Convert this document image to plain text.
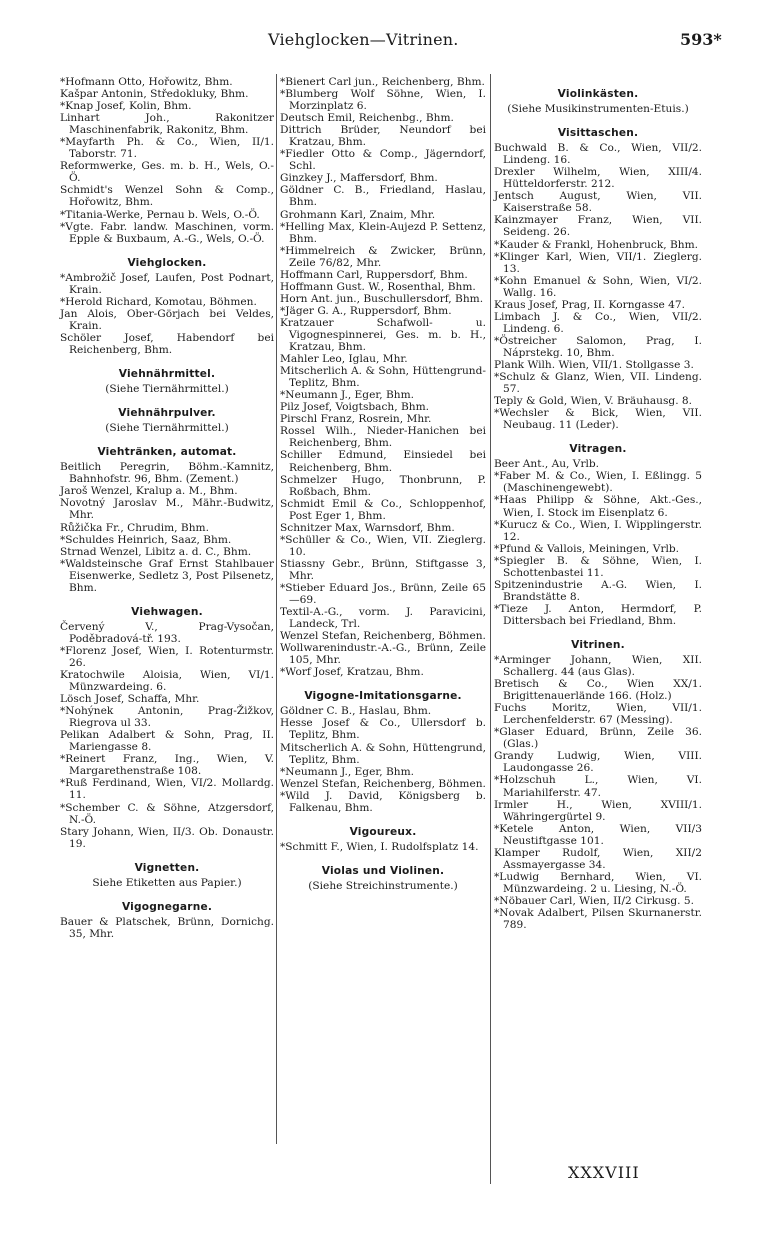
Viehglocken—Vitrinen.	593*
*Hofmann Otto, Hořowitz, Bhm.
Kašpar Antonin, Středokluky, Bhm.
*Knap Josef, Kolin, Bhm.
Linhart Joh., Rakonitzer Maschinenfabrik, Rakonitz, Bhm.
*Mayfarth Ph. & Co., Wien, II/1. Taborstr. 71.
Reformwerke, Ges. m. b. H., Wels, O.-Ö.
Schmidt's Wenzel Sohn & Comp., Hořowitz, Bhm.
*Titania-Werke, Pernau b. Wels, O.-Ö.
*Vgte. Fabr. landw. Maschinen, vorm. Epple & Buxbaum, A.-G., Wels, O.-Ö.
Viehglocken.
*Ambrožič Josef, Laufen, Post Podnart, Krain.
*Herold Richard, Komotau, Böhmen.
Jan Alois, Ober-Görjach bei Veldes, Krain.
Schöler Josef, Habendorf bei Reichenberg, Bhm.
Viehnährmittel.
(Siehe Tiernährmittel.)
Viehnährpulver.
(Siehe Tiernährmittel.)
Viehtränken, automat.
Beitlich Peregrin, Böhm.-Kamnitz, Bahnhofstr. 96, Bhm. (Zement.)
Jaroš Wenzel, Kralup a. M., Bhm.
Novotný Jaroslav M., Mähr.-Budwitz, Mhr.
Růžička Fr., Chrudim, Bhm.
*Schuldes Heinrich, Saaz, Bhm.
Strnad Wenzel, Libitz a. d. C., Bhm.
*Waldsteinsche Graf Ernst Stahlbauer Eisenwerke, Sedletz 3, Post Pilsenetz, Bhm.
Viehwagen.
Červený V., Prag-Vysočan, Poděbradová-tř. 193.
*Florenz Josef, Wien, I. Rotenturmstr. 26.
Kratochwile Aloisia, Wien, VI/1. Münzwardeing. 6.
Lösch Josef, Schaffa, Mhr.
*Nohýnek Antonin, Prag-Žižkov, Riegrova ul 33.
Pelikan Adalbert & Sohn, Prag, II. Mariengasse 8.
*Reinert Franz, Ing., Wien, V. Margarethenstraße 108.
*Ruß Ferdinand, Wien, VI/2. Mollardg. 11.
*Schember C. & Söhne, Atzgersdorf, N.-Ö.
Stary Johann, Wien, II/3. Ob. Donaustr. 19.
Vignetten.
Siehe Etiketten aus Papier.)
Vigognegarne.
Bauer & Platschek, Brünn, Dornichg. 35, Mhr.
*Bienert Carl jun., Reichenberg, Bhm.
*Blumberg Wolf Söhne, Wien, I. Morzinplatz 6.
Deutsch Emil, Reichenbg., Bhm.
Dittrich Brüder, Neundorf bei Kratzau, Bhm.
*Fiedler Otto & Comp., Jägerndorf, Schl.
Ginzkey J., Maffersdorf, Bhm.
Göldner C. B., Friedland, Haslau, Bhm.
Grohmann Karl, Znaim, Mhr.
*Helling Max, Klein-Aujezd P. Settenz, Bhm.
*Himmelreich & Zwicker, Brünn, Zeile 76/82, Mhr.
Hoffmann Carl, Ruppersdorf, Bhm.
Hoffmann Gust. W., Rosenthal, Bhm.
Horn Ant. jun., Buschullersdorf, Bhm.
*Jäger G. A., Ruppersdorf, Bhm.
Kratzauer Schafwoll- u. Vigognespinnerei, Ges. m. b. H., Kratzau, Bhm.
Mahler Leo, Iglau, Mhr.
Mitscherlich A. & Sohn, Hüttengrund-Teplitz, Bhm.
*Neumann J., Eger, Bhm.
Pilz Josef, Voigtsbach, Bhm.
Pirschl Franz, Rosrein, Mhr.
Rossel Wilh., Nieder-Hanichen bei Reichenberg, Bhm.
Schiller Edmund, Einsiedel bei Reichenberg, Bhm.
Schmelzer Hugo, Thonbrunn, P. Roßbach, Bhm.
Schmidt Emil & Co., Schloppenhof, Post Eger 1, Bhm.
Schnitzer Max, Warnsdorf, Bhm.
*Schüller & Co., Wien, VII. Zieglerg. 10.
Stiassny Gebr., Brünn, Stiftgasse 3, Mhr.
*Stieber Eduard Jos., Brünn, Zeile 65—69.
Textil-A.-G., vorm. J. Paravicini, Landeck, Trl.
Wenzel Stefan, Reichenberg, Böhmen.
Wollwarenindustr.-A.-G., Brünn, Zeile 105, Mhr.
*Worf Josef, Kratzau, Bhm.
Vigogne-Imitationsgarne.
Göldner C. B., Haslau, Bhm.
Hesse Josef & Co., Ullersdorf b. Teplitz, Bhm.
Mitscherlich A. & Sohn, Hüttengrund, Teplitz, Bhm.
*Neumann J., Eger, Bhm.
Wenzel Stefan, Reichenberg, Böhmen.
*Wild J. David, Königsberg b. Falkenau, Bhm.
Vigoureux.
*Schmitt F., Wien, I. Rudolfsplatz 14.
Violas und Violinen.
(Siehe Streichinstrumente.)
Violinkästen.
(Siehe Musikinstrumenten-Etuis.)
Visittaschen.
Buchwald B. & Co., Wien, VII/2. Lindeng. 16.
Drexler Wilhelm, Wien, XIII/4. Hütteldorferstr. 212.
Jentsch August, Wien, VII. Kaiserstraße 58.
Kainzmayer Franz, Wien, VII. Seideng. 26.
*Kauder & Frankl, Hohenbruck, Bhm.
*Klinger Karl, Wien, VII/1. Zieglerg. 13.
*Kohn Emanuel & Sohn, Wien, VI/2. Wallg. 16.
Kraus Josef, Prag, II. Korngasse 47.
Limbach J. & Co., Wien, VII/2. Lindeng. 6.
*Östreicher Salomon, Prag, I. Náprstekg. 10, Bhm.
Plank Wilh. Wien, VII/1. Stollgasse 3.
*Schulz & Glanz, Wien, VII. Lindeng. 57.
Teply & Gold, Wien, V. Bräuhausg. 8.
*Wechsler & Bick, Wien, VII. Neubaug. 11 (Leder).
Vitragen.
Beer Ant., Au, Vrlb.
*Faber M. & Co., Wien, I. Eßlingg. 5 (Maschinengewebt).
*Haas Philipp & Söhne, Akt.-Ges., Wien, I. Stock im Eisenplatz 6.
*Kurucz & Co., Wien, I. Wipplingerstr. 12.
*Pfund & Vallois, Meiningen, Vrlb.
*Spiegler B. & Söhne, Wien, I. Schottenbastei 11.
Spitzenindustrie A.-G. Wien, I. Brandstätte 8.
*Tieze J. Anton, Hermdorf, P. Dittersbach bei Friedland, Bhm.
Vitrinen.
*Arminger Johann, Wien, XII. Schallerg. 44 (aus Glas).
Bretisch & Co., Wien XX/1. Brigittenauerlände 166. (Holz.)
Fuchs Moritz, Wien, VII/1. Lerchenfelderstr. 67 (Messing).
*Glaser Eduard, Brünn, Zeile 36. (Glas.)
Grandy Ludwig, Wien, VIII. Laudongasse 26.
*Holzschuh L., Wien, VI. Mariahilferstr. 47.
Irmler H., Wien, XVIII/1. Währingergürtel 9.
*Ketele Anton, Wien, VII/3 Neustiftgasse 101.
Klamper Rudolf, Wien, XII/2 Assmayergasse 34.
*Ludwig Bernhard, Wien, VI. Münzwardeing. 2 u. Liesing, N.-Ö.
*Nöbauer Carl, Wien, II/2 Cirkusg. 5.
*Novak Adalbert, Pilsen Skurnanerstr. 789.
XXXVIII
